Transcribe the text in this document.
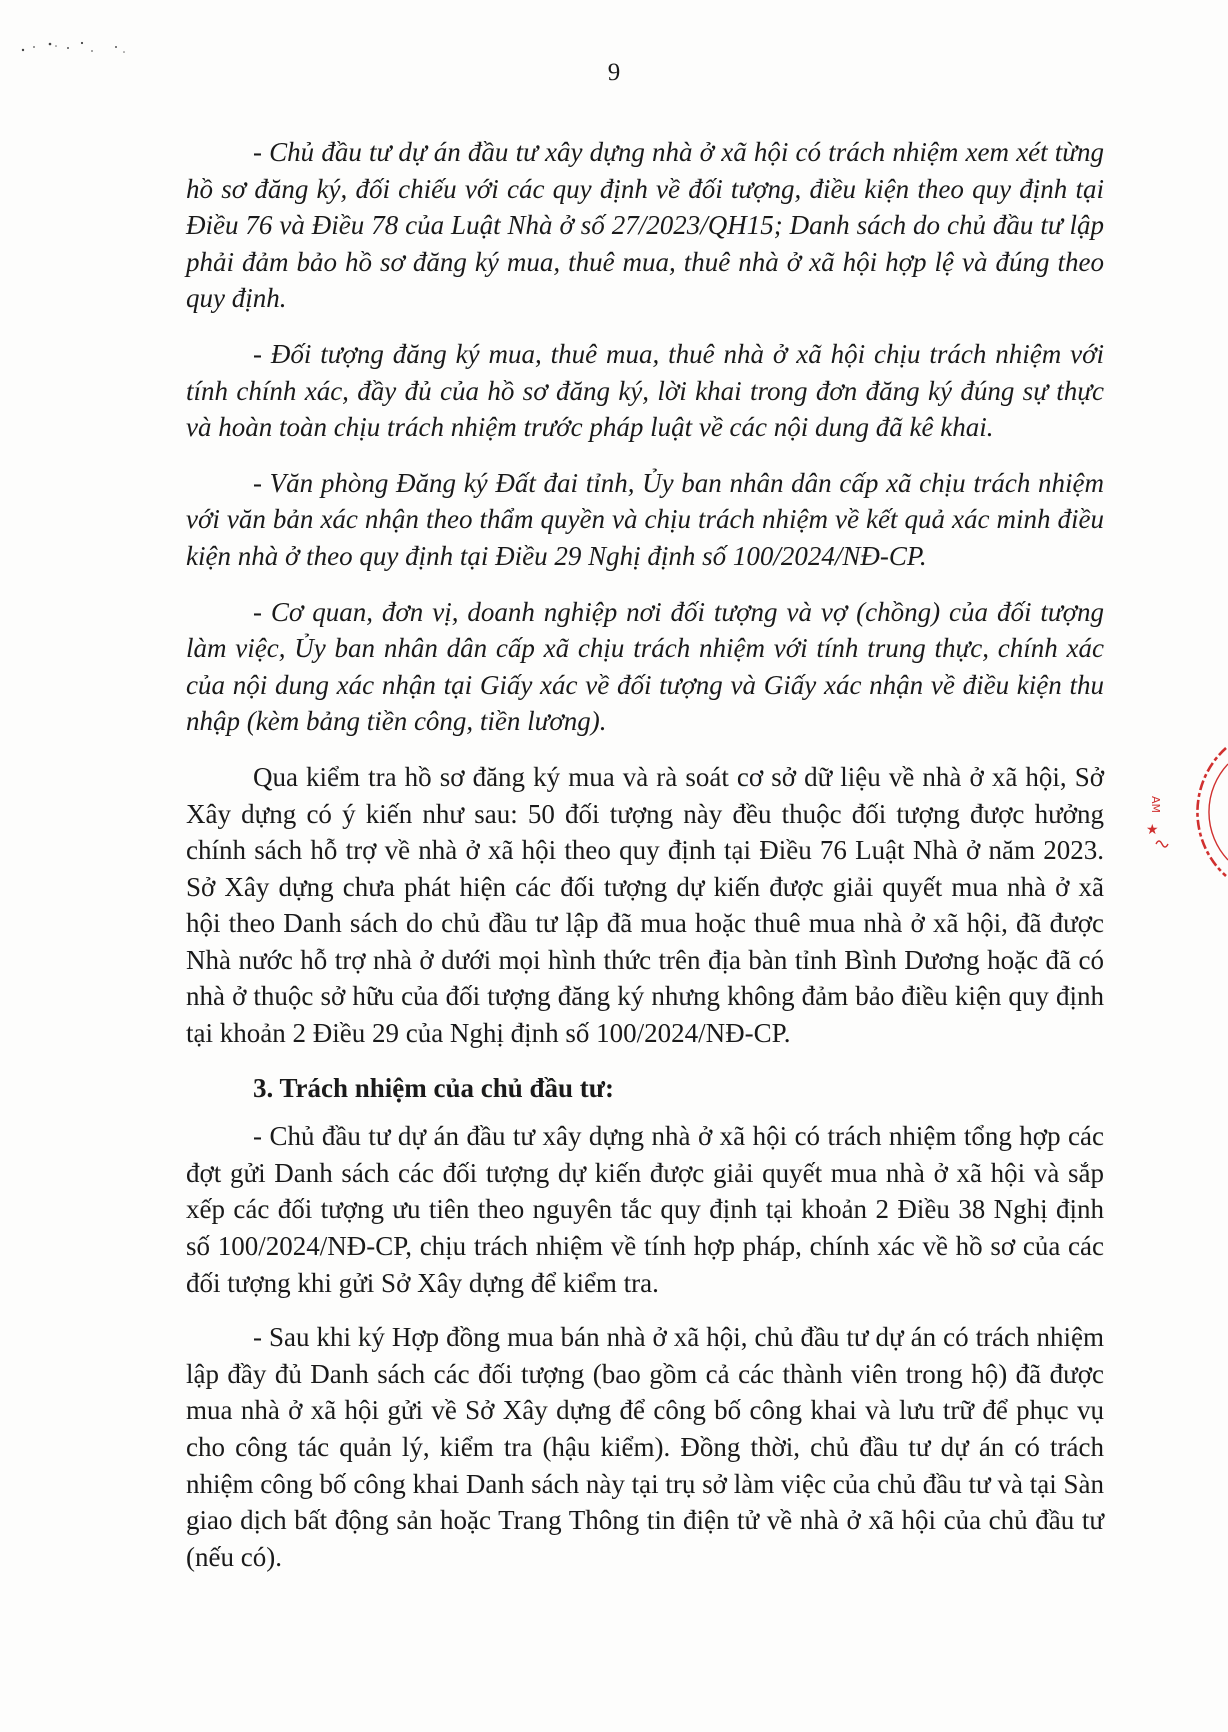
9

- Chủ đầu tư dự án đầu tư xây dựng nhà ở xã hội có trách nhiệm xem xét từng hồ sơ đăng ký, đối chiếu với các quy định về đối tượng, điều kiện theo quy định tại Điều 76 và Điều 78 của Luật Nhà ở số 27/2023/QH15; Danh sách do chủ đầu tư lập phải đảm bảo hồ sơ đăng ký mua, thuê mua, thuê nhà ở xã hội hợp lệ và đúng theo quy định.

- Đối tượng đăng ký mua, thuê mua, thuê nhà ở xã hội chịu trách nhiệm với tính chính xác, đầy đủ của hồ sơ đăng ký, lời khai trong đơn đăng ký đúng sự thực và hoàn toàn chịu trách nhiệm trước pháp luật về các nội dung đã kê khai.

- Văn phòng Đăng ký Đất đai tỉnh, Ủy ban nhân dân cấp xã chịu trách nhiệm với văn bản xác nhận theo thẩm quyền và chịu trách nhiệm về kết quả xác minh điều kiện nhà ở theo quy định tại Điều 29 Nghị định số 100/2024/NĐ-CP.

- Cơ quan, đơn vị, doanh nghiệp nơi đối tượng và vợ (chồng) của đối tượng làm việc, Ủy ban nhân dân cấp xã chịu trách nhiệm với tính trung thực, chính xác của nội dung xác nhận tại Giấy xác về đối tượng và Giấy xác nhận về điều kiện thu nhập (kèm bảng tiền công, tiền lương).

Qua kiểm tra hồ sơ đăng ký mua và rà soát cơ sở dữ liệu về nhà ở xã hội, Sở Xây dựng có ý kiến như sau: 50 đối tượng này đều thuộc đối tượng được hưởng chính sách hỗ trợ về nhà ở xã hội theo quy định tại Điều 76 Luật Nhà ở năm 2023. Sở Xây dựng chưa phát hiện các đối tượng dự kiến được giải quyết mua nhà ở xã hội theo Danh sách do chủ đầu tư lập đã mua hoặc thuê mua nhà ở xã hội, đã được Nhà nước hỗ trợ nhà ở dưới mọi hình thức trên địa bàn tỉnh Bình Dương hoặc đã có nhà ở thuộc sở hữu của đối tượng đăng ký nhưng không đảm bảo điều kiện quy định tại khoản 2 Điều 29 của Nghị định số 100/2024/NĐ-CP.

3. Trách nhiệm của chủ đầu tư:

- Chủ đầu tư dự án đầu tư xây dựng nhà ở xã hội có trách nhiệm tổng hợp các đợt gửi Danh sách các đối tượng dự kiến được giải quyết mua nhà ở xã hội và sắp xếp các đối tượng ưu tiên theo nguyên tắc quy định tại khoản 2 Điều 38 Nghị định số 100/2024/NĐ-CP, chịu trách nhiệm về tính hợp pháp, chính xác về hồ sơ của các đối tượng khi gửi Sở Xây dựng để kiểm tra.

- Sau khi ký Hợp đồng mua bán nhà ở xã hội, chủ đầu tư dự án có trách nhiệm lập đầy đủ Danh sách các đối tượng (bao gồm cả các thành viên trong hộ) đã được mua nhà ở xã hội gửi về Sở Xây dựng để công bố công khai và lưu trữ để phục vụ cho công tác quản lý, kiểm tra (hậu kiểm). Đồng thời, chủ đầu tư dự án có trách nhiệm công bố công khai Danh sách này tại trụ sở làm việc của chủ đầu tư và tại Sàn giao dịch bất động sản hoặc Trang Thông tin điện tử về nhà ở xã hội của chủ đầu tư (nếu có).

AM
★
